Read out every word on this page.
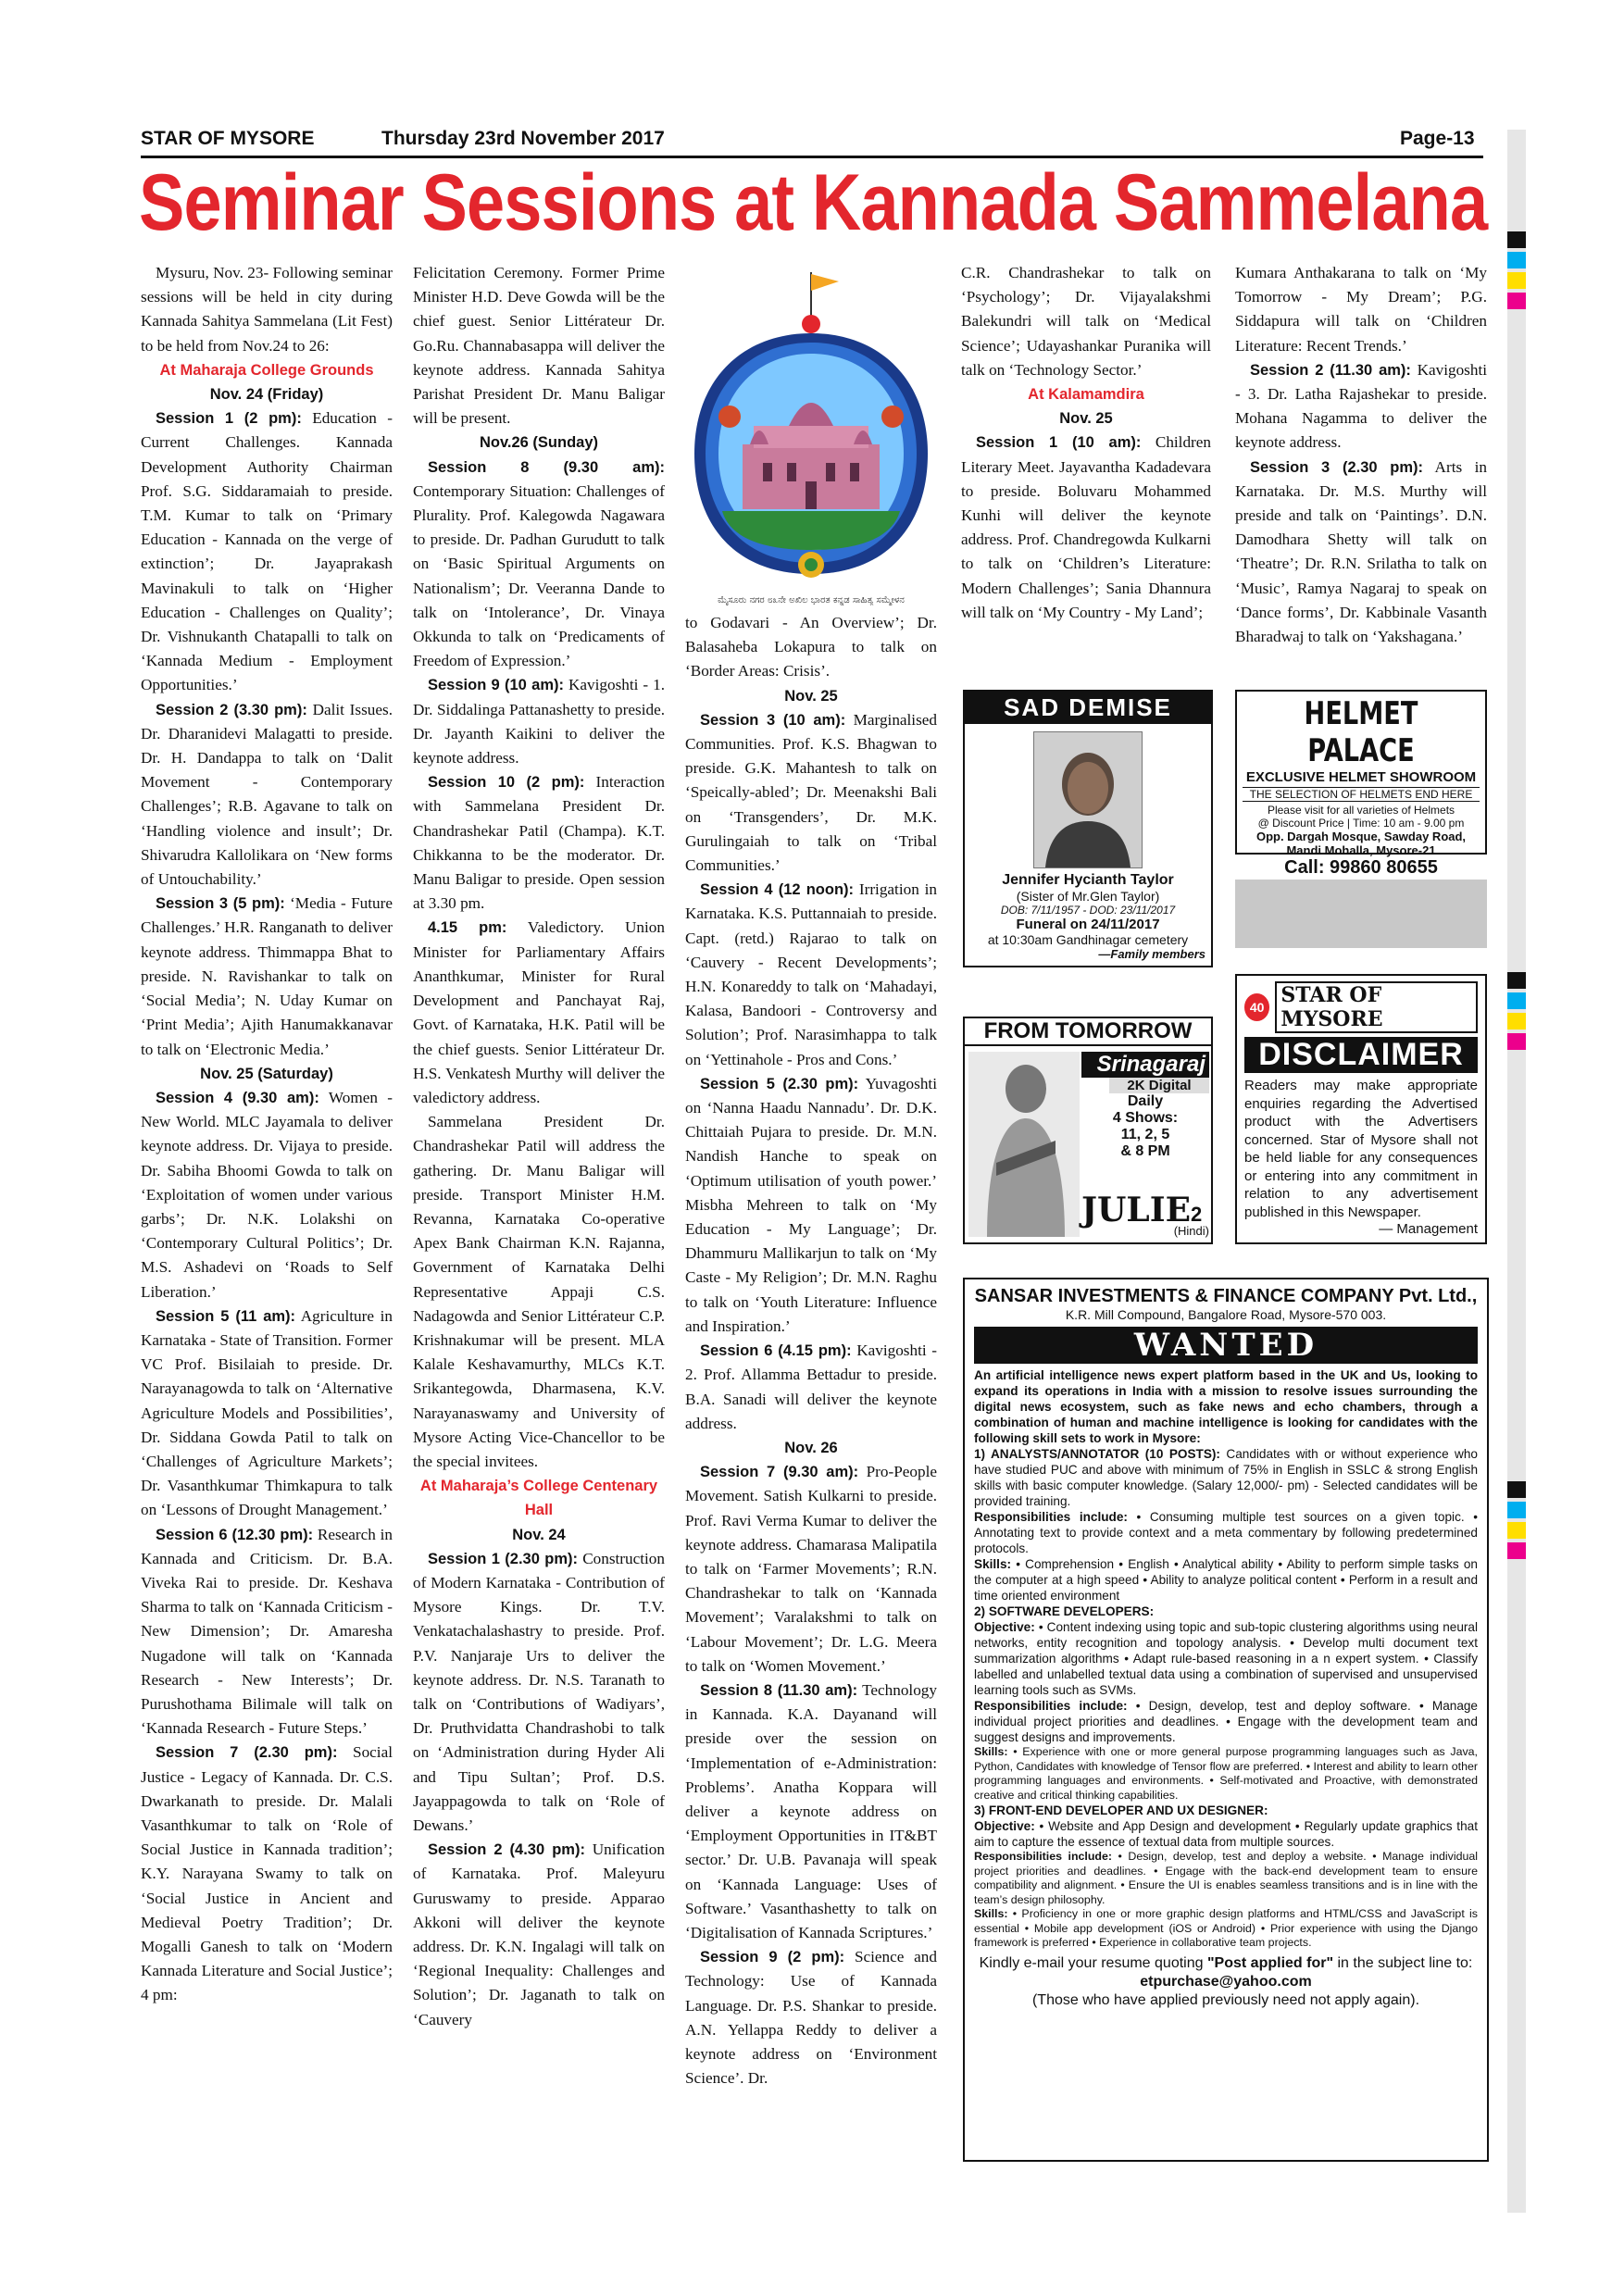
STAR OF MYSORE	Thursday 23rd November 2017	Page-13
Seminar Sessions at Kannada Sammelana

Mysuru, Nov. 23- Following seminar sessions will be held in city during Kannada Sahitya Sammelana (Lit Fest) to be held from Nov.24 to 26:

At Maharaja College Grounds

Nov. 24 (Friday)

Session 1 (2 pm): Education - Current Challenges. Kannada Development Authority Chairman Prof. S.G. Siddaramaiah to preside. T.M. Kumar to talk on ‘Primary Education - Kannada on the verge of extinction’; Dr. Jayaprakash Mavinakuli to talk on ‘Higher Education - Challenges on Quality’; Dr. Vishnukanth Chatapalli to talk on ‘Kannada Medium - Employment Opportunities.’

Session 2 (3.30 pm): Dalit Issues. Dr. Dharanidevi Malagatti to preside. Dr. H. Dandappa to talk on ‘Dalit Movement - Contemporary Challenges’; R.B. Agavane to talk on ‘Handling violence and insult’; Dr. Shivarudra Kallolikara on ‘New forms of Untouchability.’

Session 3 (5 pm): ‘Media - Future Challenges.’ H.R. Ranganath to deliver keynote address. Thimmappa Bhat to preside. N. Ravishankar to talk on ‘Social Media’; N. Uday Kumar on ‘Print Media’; Ajith Hanumakkanavar to talk on ‘Electronic Media.’

Nov. 25 (Saturday)

Session 4 (9.30 am): Women - New World. MLC Jayamala to deliver keynote address. Dr. Vijaya to preside. Dr. Sabiha Bhoomi Gowda to talk on ‘Exploitation of women under various garbs’; Dr. N.K. Lolakshi on ‘Contemporary Cultural Politics’; Dr. M.S. Ashadevi on ‘Roads to Self Liberation.’

Session 5 (11 am): Agriculture in Karnataka - State of Transition. Former VC Prof. Bisilaiah to preside. Dr. Narayanagowda to talk on ‘Alternative Agriculture Models and Possibilities’, Dr. Siddana Gowda Patil to talk on ‘Challenges of Agriculture Markets’; Dr. Vasanthkumar Thimkapura to talk on ‘Lessons of Drought Management.’

Session 6 (12.30 pm): Research in Kannada and Criticism. Dr. B.A. Viveka Rai to preside. Dr. Keshava Sharma to talk on ‘Kannada Criticism - New Dimension’; Dr. Amaresha Nugadone will talk on ‘Kannada Research - New Interests’; Dr. Purushothama Bilimale will talk on ‘Kannada Research - Future Steps.’

Session 7 (2.30 pm): Social Justice - Legacy of Kannada. Dr. C.S. Dwarkanath to preside. Dr. Malali Vasanthkumar to talk on ‘Role of Social Justice in Kannada tradition’; K.Y. Narayana Swamy to talk on ‘Social Justice in Ancient and Medieval Poetry Tradition’; Dr. Mogalli Ganesh to talk on ‘Modern Kannada Literature and Social Justice’; 4 pm:

Felicitation Ceremony. Former Prime Minister H.D. Deve Gowda will be the chief guest. Senior Littérateur Dr. Go.Ru. Channabasappa will deliver the keynote address. Kannada Sahitya Parishat President Dr. Manu Baligar will be present.

Nov.26 (Sunday)

Session 8 (9.30 am): Contemporary Situation: Challenges of Plurality. Prof. Kalegowda Nagawara to preside. Dr. Padhan Gurudutt to talk on ‘Basic Spiritual Arguments on Nationalism’; Dr. Veeranna Dande to talk on ‘Intolerance’, Dr. Vinaya Okkunda to talk on ‘Predicaments of Freedom of Expression.’

Session 9 (10 am): Kavigoshti - 1. Dr. Siddalinga Pattanashetty to preside. Dr. Jayanth Kaikini to deliver the keynote address.

Session 10 (2 pm): Interaction with Sammelana President Dr. Chandrashekar Patil (Champa). K.T. Chikkanna to be the moderator. Dr. Manu Baligar to preside. Open session at 3.30 pm.

4.15 pm: Valedictory. Union Minister for Parliamentary Affairs Ananthkumar, Minister for Rural Development and Panchayat Raj, Govt. of Karnataka, H.K. Patil will be the chief guests. Senior Littérateur Dr. H.S. Venkatesh Murthy will deliver the valedictory address.

Sammelana President Dr. Chandrashekar Patil will address the gathering. Dr. Manu Baligar will preside. Transport Minister H.M. Revanna, Karnataka Co-operative Apex Bank Chairman K.N. Rajanna, Government of Karnataka Delhi Representative Appaji C.S. Nadagowda and Senior Littérateur C.P. Krishnakumar will be present. MLA Kalale Keshavamurthy, MLCs K.T. Srikantegowda, Dharmasena, K.V. Narayanaswamy and University of Mysore Acting Vice-Chancellor to be the special invitees.

At Maharaja’s College Centenary Hall

Nov. 24

Session 1 (2.30 pm): Construction of Modern Karnataka - Contribution of Mysore Kings. Dr. T.V. Venkatachalashastry to preside. Prof. P.V. Nanjaraje Urs to deliver the keynote address. Dr. N.S. Taranath to talk on ‘Contributions of Wadiyars’, Dr. Pruthvidatta Chandrashobi to talk on ‘Administration during Hyder Ali and Tipu Sultan’; Prof. D.S. Jayappagowda to talk on ‘Role of Dewans.’

Session 2 (4.30 pm): Unification of Karnataka. Prof. Maleyuru Guruswamy to preside. Apparao Akkoni will deliver the keynote address. Dr. K.N. Ingalagi will talk on ‘Regional Inequality: Challenges and Solution’; Dr. Jaganath to talk on ‘Cauvery

ಮೈಸೂರು ನಗರ ೮೩ನೇ ಅಖಿಲ ಭಾರತ ಕನ್ನಡ ಸಾಹಿತ್ಯ ಸಮ್ಮೇಳನ

to Godavari - An Overview’; Dr. Balasaheba Lokapura to talk on ‘Border Areas: Crisis’.

Nov. 25

Session 3 (10 am): Marginalised Communities. Prof. K.S. Bhagwan to preside. G.K. Mahantesh to talk on ‘Speically-abled’; Dr. Meenakshi Bali on ‘Transgenders’, Dr. M.K. Gurulingaiah to talk on ‘Tribal Communities.’

Session 4 (12 noon): Irrigation in Karnataka. K.S. Puttannaiah to preside. Capt. (retd.) Rajarao to talk on ‘Cauvery - Recent Developments’; H.N. Konareddy to talk on ‘Mahadayi, Kalasa, Bandoori - Controversy and Solution’; Prof. Narasimhappa to talk on ‘Yettinahole - Pros and Cons.’

Session 5 (2.30 pm): Yuvagoshti on ‘Nanna Haadu Nannadu’. Dr. D.K. Chittaiah Pujara to preside. Dr. M.N. Nandish Hanche to speak on ‘Optimum utilisation of youth power.’ Misbha Mehreen to talk on ‘My Education - My Language’; Dr. Dhammuru Mallikarjun to talk on ‘My Caste - My Religion’; Dr. M.N. Raghu to talk on ‘Youth Literature: Influence and Inspiration.’

Session 6 (4.15 pm): Kavigoshti - 2. Prof. Allamma Bettadur to preside. B.A. Sanadi will deliver the keynote address.

Nov. 26

Session 7 (9.30 am): Pro-People Movement. Satish Kulkarni to preside. Prof. Ravi Verma Kumar to deliver the keynote address. Chamarasa Malipatila to talk on ‘Farmer Movements’; R.N. Chandrashekar to talk on ‘Kannada Movement’; Varalakshmi to talk on ‘Labour Movement’; Dr. L.G. Meera to talk on ‘Women Movement.’

Session 8 (11.30 am): Technology in Kannada. K.A. Dayanand will preside over the session on ‘Implementation of e-Administration: Problems’. Anatha Koppara will deliver a keynote address on ‘Employment Opportunities in IT&BT sector.’ Dr. U.B. Pavanaja will speak on ‘Kannada Language: Uses of Software.’ Vasanthashetty to talk on ‘Digitalisation of Kannada Scriptures.’

Session 9 (2 pm): Science and Technology: Use of Kannada Language. Dr. P.S. Shankar to preside. A.N. Yellappa Reddy to deliver a keynote address on ‘Environment Science’. Dr.

C.R. Chandrashekar to talk on ‘Psychology’; Dr. Vijayalakshmi Balekundri will talk on ‘Medical Science’; Udayashankar Puranika will talk on ‘Technology Sector.’

At Kalamamdira

Nov. 25

Session 1 (10 am): Children Literary Meet. Jayavantha Kadadevara to preside. Boluvaru Mohammed Kunhi will deliver the keynote address. Prof. Chandregowda Kulkarni to talk on ‘Children’s Literature: Modern Challenges’; Sania Dhannura will talk on ‘My Country - My Land’;

Kumara Anthakarana to talk on ‘My Tomorrow - My Dream’; P.G. Siddapura will talk on ‘Children Literature: Recent Trends.’

Session 2 (11.30 am): Kavigoshti - 3. Dr. Latha Rajashekar to preside. Mohana Nagamma to deliver the keynote address.

Session 3 (2.30 pm): Arts in Karnataka. Dr. M.S. Murthy will preside and talk on ‘Paintings’. D.N. Damodhara Shetty will talk on ‘Theatre’; Dr. R.N. Srilatha to talk on ‘Music’, Ramya Nagaraj to speak on ‘Dance forms’, Dr. Kabbinale Vasanth Bharadwaj to talk on ‘Yakshagana.’

SAD DEMISE
Jennifer Hycianth Taylor
(Sister of Mr.Glen Taylor)
DOB: 7/11/1957 - DOD: 23/11/2017
Funeral on 24/11/2017
at 10:30am Gandhinagar cemetery
—Family members
HELMET PALACE
EXCLUSIVE HELMET SHOWROOM
THE SELECTION OF HELMETS END HERE
Please visit for all varieties of Helmets
@ Discount Price | Time: 10 am - 9.00 pm
Opp. Dargah Mosque, Sawday Road,
Mandi Mohalla, Mysore-21
Call: 99860 80655
FROM TOMORROW
Srinagaraj
2K Digital
Daily
4 Shows:
11, 2, 5
& 8 PM
JULIE2
(Hindi)
40 STAR OF MYSORE
DISCLAIMER
Readers may make appropriate enquiries regarding the Advertised product with the Advertisers concerned. Star of Mysore shall not be held liable for any consequences or entering into any commitment in relation to any advertisement published in this Newspaper.
— Management
SANSAR INVESTMENTS & FINANCE COMPANY Pvt. Ltd.,
K.R. Mill Compound, Bangalore Road, Mysore-570 003.
WANTED
An artificial intelligence news expert platform based in the UK and Us, looking to expand its operations in India with a mission to resolve issues surrounding the digital news ecosystem, such as fake news and echo chambers, through a combination of human and machine intelligence is looking for candidates with the following skill sets to work in Mysore:
1) ANALYSTS/ANNOTATOR (10 POSTS): Candidates with or without experience who have studied PUC and above with minimum of 75% in English in SSLC & strong English skills with basic computer knowledge. (Salary 12,000/- pm) - Selected candidates will be provided training.
Responsibilities include: • Consuming multiple test sources on a given topic. • Annotating text to provide context and a meta commentary by following predetermined protocols.
Skills: • Comprehension • English • Analytical ability • Ability to perform simple tasks on the computer at a high speed • Ability to analyze political content • Perform in a result and time oriented environment
2) SOFTWARE DEVELOPERS:
Objective: • Content indexing using topic and sub-topic clustering algorithms using neural networks, entity recognition and topology analysis. • Develop multi document text summarization algorithms • Adapt rule-based reasoning in a n expert system. • Classify labelled and unlabelled textual data using a combination of supervised and unsupervised learning tools such as SVMs.
Responsibilities include: • Design, develop, test and deploy software. • Manage individual project priorities and deadlines. • Engage with the development team and suggest designs and improvements.
Skills: • Experience with one or more general purpose programming languages such as Java, Python, Candidates with knowledge of Tensor flow are preferred. • Interest and ability to learn other programming languages and environments. • Self-motivated and Proactive, with demonstrated creative and critical thinking capabilities.
3) FRONT-END DEVELOPER AND UX DESIGNER:
Objective: • Website and App Design and development • Regularly update graphics that aim to capture the essence of textual data from multiple sources.
Responsibilities include: • Design, develop, test and deploy a website. • Manage individual project priorities and deadlines. • Engage with the back-end development team to ensure compatibility and alignment. • Ensure the UI is enables seamless transitions and is in line with the team’s design philosophy.
Skills: • Proficiency in one or more graphic design platforms and HTML/CSS and JavaScript is essential • Mobile app development (iOS or Android) • Prior experience with using the Django framework is preferred • Experience in collaborative team projects.
Kindly e-mail your resume quoting "Post applied for" in the subject line to: etpurchase@yahoo.com
(Those who have applied previously need not apply again).
